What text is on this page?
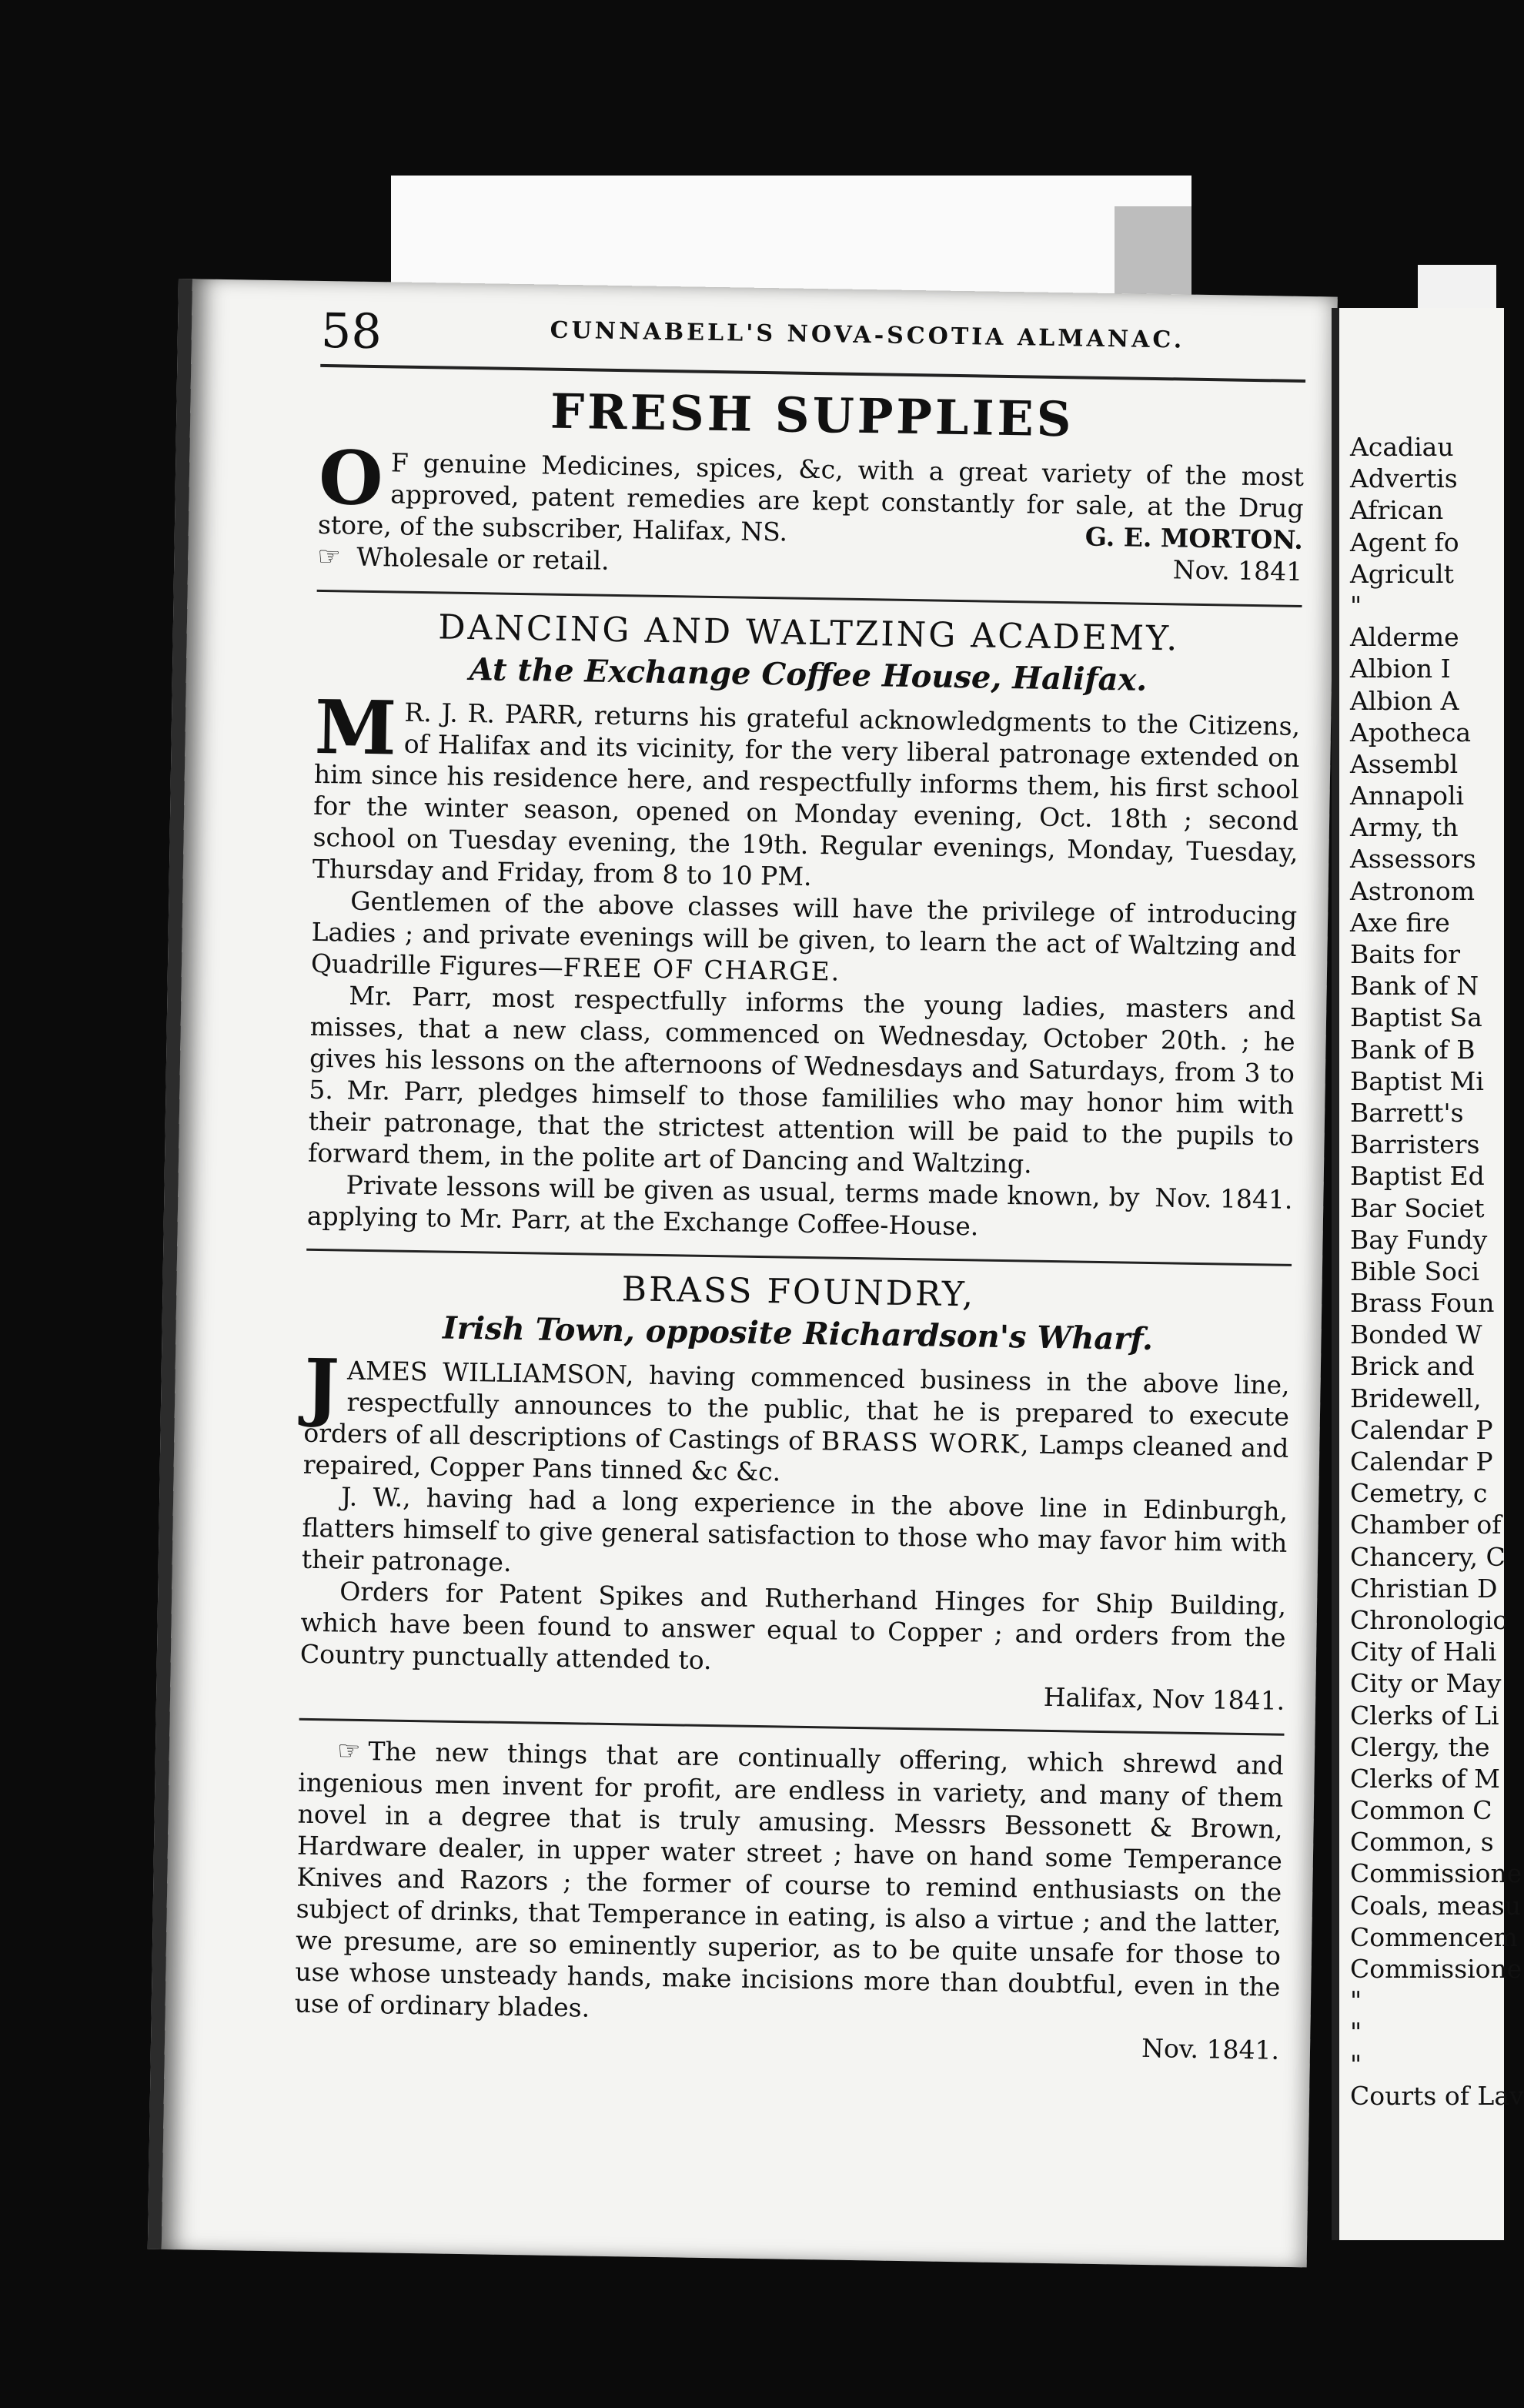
58	CUNNABELL'S NOVA-SCOTIA ALMANAC.
FRESH SUPPLIES

O F genuine Medicines, spices, &c, with a great variety of the most approved, patent remedies are kept constantly for sale, at the Drug store, of the subscriber, Halifax, NS.	G. E. MORTON.

☞ Wholesale or retail.	Nov. 1841
DANCING AND WALTZING ACADEMY.
At the Exchange Coffee House, Halifax.

M R. J. R. PARR, returns his grateful acknowledgments to the Citizens, of Halifax and its vicinity, for the very liberal patronage extended on him since his residence here, and respectfully informs them, his first school for the winter season, opened on Monday evening, Oct. 18th ; second school on Tuesday evening, the 19th. Regular evenings, Monday, Tuesday, Thursday and Friday, from 8 to 10 PM.

Gentlemen of the above classes will have the privilege of introducing Ladies ; and private evenings will be given, to learn the act of Waltzing and Quadrille Figures—FREE OF CHARGE.

Mr. Parr, most respectfully informs the young ladies, masters and misses, that a new class, commenced on Wednesday, October 20th. ; he gives his lessons on the afternoons of Wednesdays and Saturdays, from 3 to 5. Mr. Parr, pledges himself to those famililies who may honor him with their patronage, that the strictest attention will be paid to the pupils to forward them, in the polite art of Dancing and Waltzing.

Private lessons will be given as usual, terms made known, by applying to Mr. Parr, at the Exchange Coffee-House.
Nov. 1841.
BRASS FOUNDRY,
Irish Town, opposite Richardson's Wharf.

J AMES WILLIAMSON, having commenced business in the above line, respectfully announces to the public, that he is prepared to execute orders of all descriptions of Castings of BRASS WORK, Lamps cleaned and repaired, Copper Pans tinned &c &c.

J. W., having had a long experience in the above line in Edinburgh, flatters himself to give general satisfaction to those who may favor him with their patronage.

Orders for Patent Spikes and Rutherhand Hinges for Ship Building, which have been found to answer equal to Copper ; and orders from the Country punctually attended to.

Halifax, Nov 1841.

☞ The new things that are continually offering, which shrewd and ingenious men invent for profit, are endless in variety, and many of them novel in a degree that is truly amusing. Messrs Bessonett & Brown, Hardware dealer, in upper water street ; have on hand some Temperance Knives and Razors ; the former of course to remind enthusiasts on the subject of drinks, that Temperance in eating, is also a virtue ; and the latter, we presume, are so eminently superior, as to be quite unsafe for those to use whose unsteady hands, make incisions more than doubtful, even in the use of ordinary blades.

Nov. 1841.
Acadiau
Advertis
African
Agent fo
Agricult
"
Alderme
Albion I
Albion A
Apotheca
Assembl
Annapoli
Army, th
Assessors
Astronom
Axe fire
Baits for
Bank of N
Baptist Sa
Bank of B
Baptist Mi
Barrett's
Barristers
Baptist Ed
Bar Societ
Bay Fundy
Bible Soci
Brass Foun
Bonded W
Brick and
Bridewell,
Calendar P
Calendar P
Cemetry, c
Chamber of
Chancery, C
Christian D
Chronologic
City of Hali
City or May
Clerks of Li
Clergy, the
Clerks of M
Common C
Common, s
Commissione
Coals, measu
Commencem
Commissione
"
"
"
Courts of Lav
